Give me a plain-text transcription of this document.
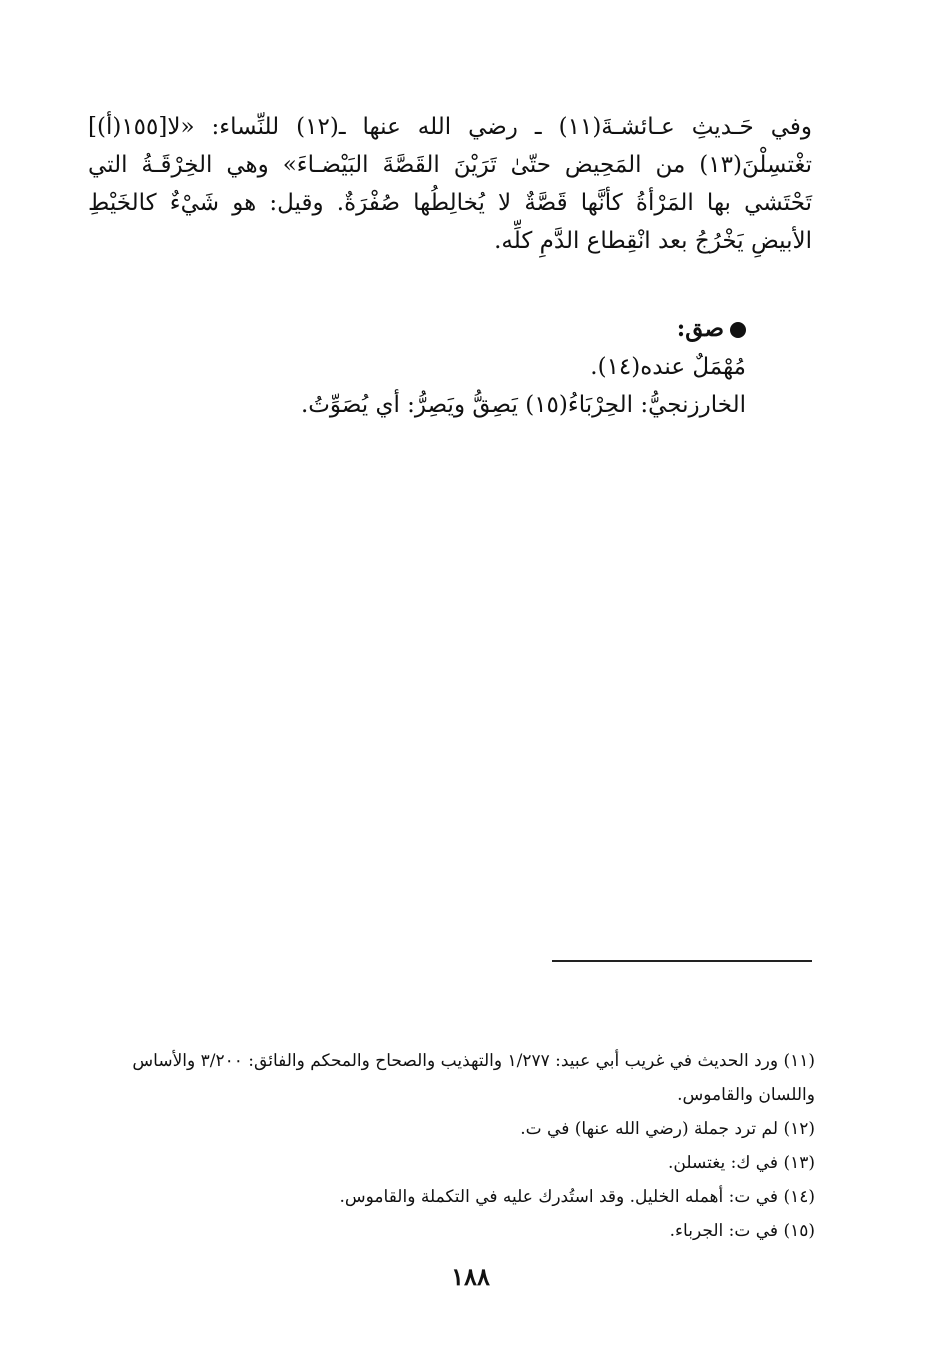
وفي حَـديثِ عـائشـةَ(١١) ـ رضي الله عنها ـ(١٢) للنِّساء: «لا[١٥٥(أ)] تغْتسِلْنَ(١٣) من المَحِيض حتّىٰ تَرَيْنَ القَصَّةَ البَيْضـاءَ» وهي الخِرْقَـةُ التي تَحْتَشي بها المَرْأةُ كأنَّها قَصَّةٌ لا يُخالِطُها صُفْرَةٌ. وقيل: هو شَيْءٌ كالخَيْطِ الأبيضِ يَخْرُجُ بعد انْقِطاع الدَّمِ كلِّه.

صق:
مُهْمَلٌ عنده(١٤).
الخارزنجيُّ: الحِرْبَاءُ(١٥) يَصِقُّ ويَصِرُّ: أي يُصَوِّتُ.
(١١) ورد الحديث في غريب أبي عبيد: ١/٢٧٧ والتهذيب والصحاح والمحكم والفائق: ٣/٢٠٠ والأساس واللسان والقاموس.
(١٢) لم ترد جملة (رضي الله عنها) في ت.
(١٣) في ك: يغتسلن.
(١٤) في ت: أهمله الخليل. وقد استُدرك عليه في التكملة والقاموس.
(١٥) في ت: الجرباء.
١٨٨
